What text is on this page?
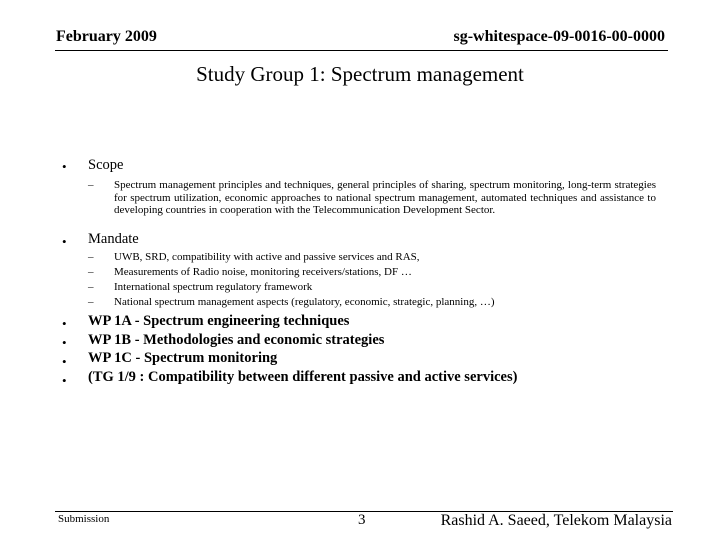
February 2009	sg-whitespace-09-0016-00-0000
Study Group 1: Spectrum management
• Scope
– Spectrum management principles and techniques, general principles of sharing, spectrum monitoring, long-term strategies for spectrum utilization, economic approaches to national spectrum management, automated techniques and assistance to developing countries in cooperation with the Telecommunication Development Sector.
• Mandate
– UWB, SRD, compatibility with active and passive services and RAS,
– Measurements of Radio noise, monitoring receivers/stations, DF …
– International spectrum regulatory framework
– National spectrum management aspects (regulatory, economic, strategic, planning, …)
• WP 1A - Spectrum engineering techniques
• WP 1B - Methodologies and economic strategies
• WP 1C - Spectrum monitoring
• (TG 1/9 : Compatibility between different passive and active services)
Submission	3	Rashid A. Saeed, Telekom Malaysia
